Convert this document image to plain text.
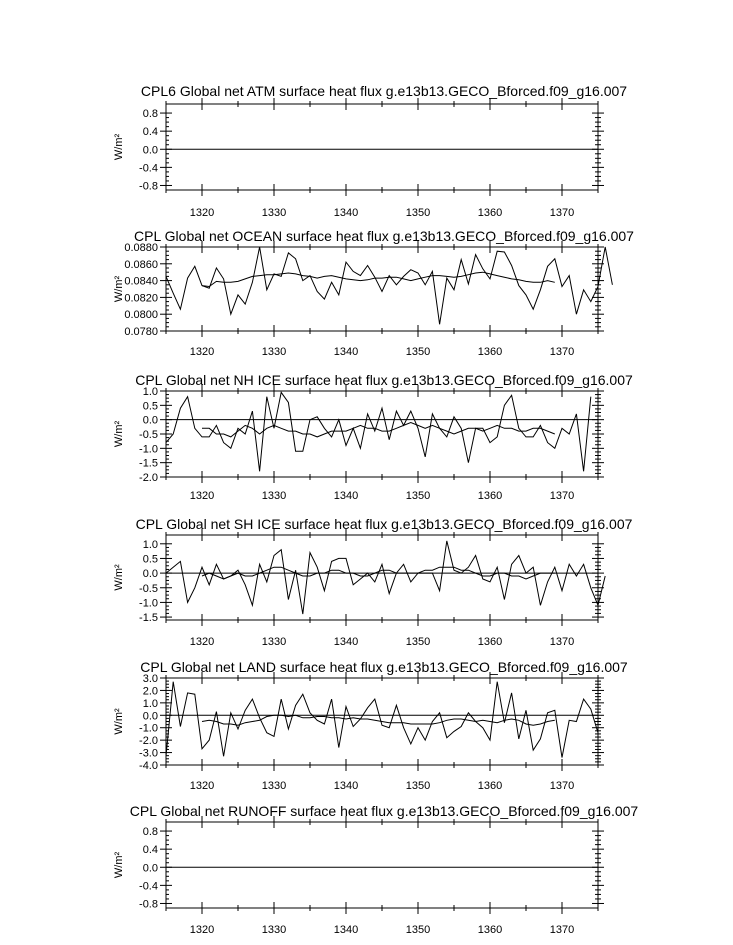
CPL6 Global net ATM surface heat flux g.e13b13.GECO_Bforced.f09_g16.007
0.8
0.4
0.0
-0.4
-0.8
W/m²
1320	1330	1340	1350	1360	1370
CPL Global net OCEAN surface heat flux g.e13b13.GECO_Bforced.f09_g16.007
0.0880
0.0860
0.0840
0.0820
0.0800
0.0780
W/m²
1320	1330	1340	1350	1360	1370
CPL Global net NH ICE surface heat flux g.e13b13.GECO_Bforced.f09_g16.007
1.0
0.5
0.0
-0.5
-1.0
-1.5
-2.0
W/m²
1320	1330	1340	1350	1360	1370
CPL Global net SH ICE surface heat flux g.e13b13.GECO_Bforced.f09_g16.007
1.0
0.5
0.0
-0.5
-1.0
-1.5
W/m²
1320	1330	1340	1350	1360	1370
CPL Global net LAND surface heat flux g.e13b13.GECO_Bforced.f09_g16.007
3.0
2.0
1.0
0.0
-1.0
-2.0
-3.0
-4.0
W/m²
1320	1330	1340	1350	1360	1370
CPL Global net RUNOFF surface heat flux g.e13b13.GECO_Bforced.f09_g16.007
0.8
0.4
0.0
-0.4
-0.8
W/m²
1320	1330	1340	1350	1360	1370
